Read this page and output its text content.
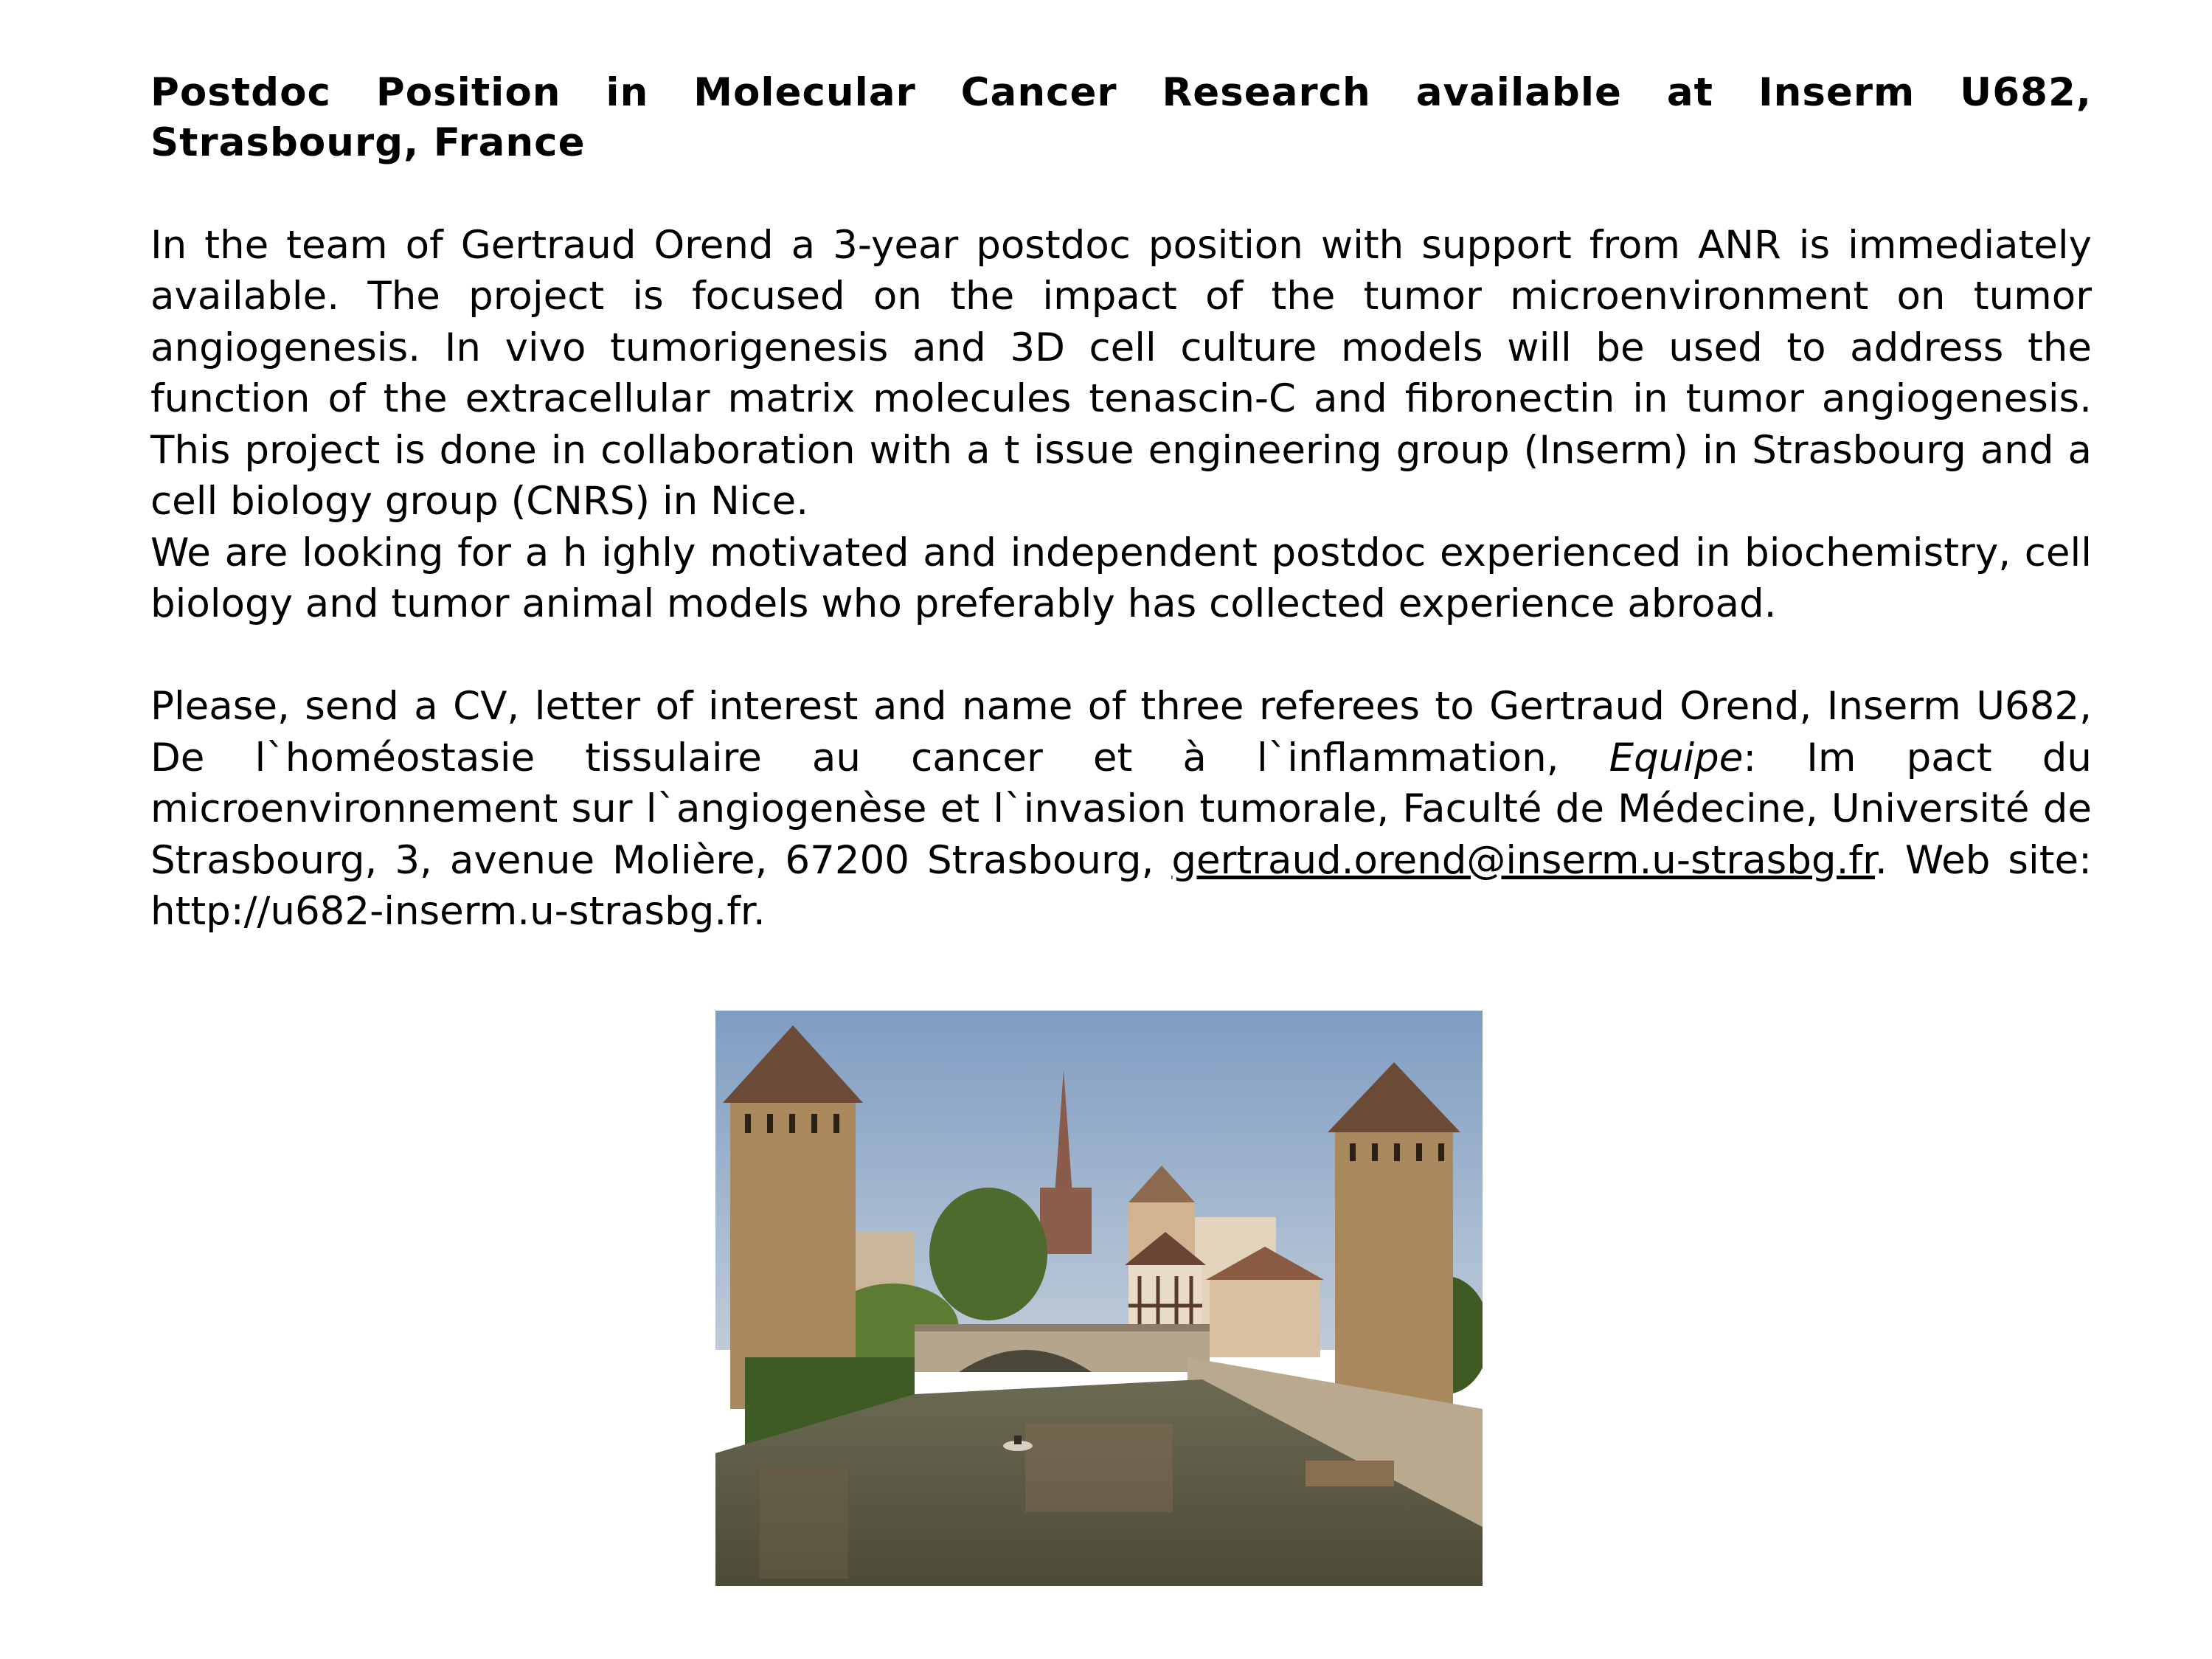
Postdoc Position in Molecular Cancer Research available at Inserm U682, Strasbourg, France

In the team of Gertraud Orend a 3-year postdoc position with support from ANR is immediately available. The project is focused on the impact of the tumor microenvironment on tumor angiogenesis. In vivo tumorigenesis and 3D cell culture models will be used to address the function of the extracellular matrix molecules tenascin-C and fibronectin in tumor angiogenesis. This project is done in collaboration with a t issue engineering group (Inserm) in Strasbourg and a cell biology group (CNRS) in Nice.

We are looking for a h ighly motivated and independent postdoc experienced in biochemistry, cell biology and tumor animal models who preferably has collected experience abroad.

Please, send a CV, letter of interest and name of three referees to Gertraud Orend, Inserm U682, De l`homéostasie tissulaire au cancer et à l`inflammation, Equipe: Im pact du microenvironnement sur l`angiogenèse et l`invasion tumorale, Faculté de Médecine, Université de Strasbourg, 3, avenue Molière, 67200 Strasbourg, gertraud.orend@inserm.u-strasbg.fr. Web site: http://u682-inserm.u-strasbg.fr.
